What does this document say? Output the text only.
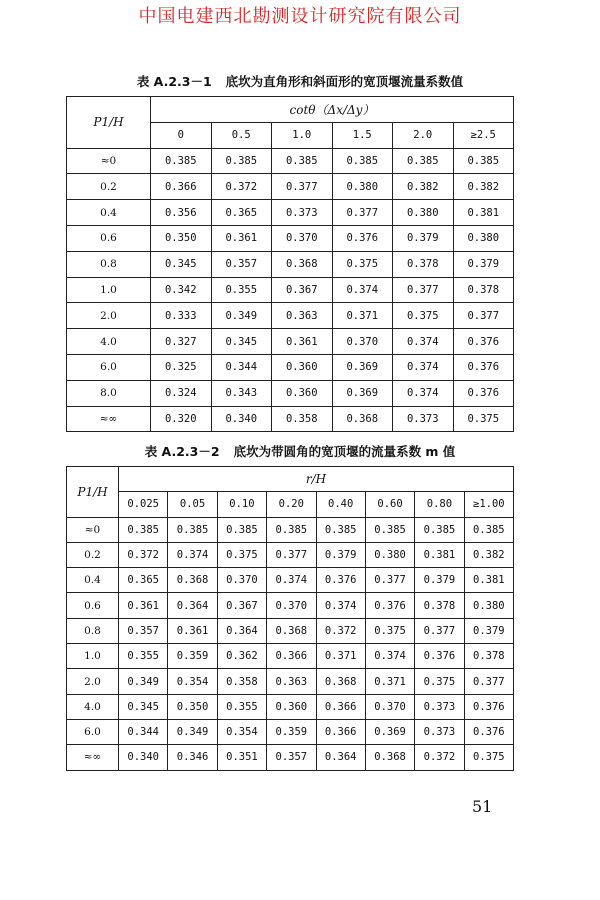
中国电建西北勘测设计研究院有限公司
表 A.2.3－1 底坎为直角形和斜面形的宽顶堰流量系数值
P1/H	cotθ（Δx/Δy）					
	0	0.5	1.0	1.5	2.0	≥2.5
≈0	0.385	0.385	0.385	0.385	0.385	0.385
0.2	0.366	0.372	0.377	0.380	0.382	0.382
0.4	0.356	0.365	0.373	0.377	0.380	0.381
0.6	0.350	0.361	0.370	0.376	0.379	0.380
0.8	0.345	0.357	0.368	0.375	0.378	0.379
1.0	0.342	0.355	0.367	0.374	0.377	0.378
2.0	0.333	0.349	0.363	0.371	0.375	0.377
4.0	0.327	0.345	0.361	0.370	0.374	0.376
6.0	0.325	0.344	0.360	0.369	0.374	0.376
8.0	0.324	0.343	0.360	0.369	0.374	0.376
≈∞	0.320	0.340	0.358	0.368	0.373	0.375
表 A.2.3－2 底坎为带圆角的宽顶堰的流量系数 m 值
P1/H	r/H							
	0.025	0.05	0.10	0.20	0.40	0.60	0.80	≥1.00
≈0	0.385	0.385	0.385	0.385	0.385	0.385	0.385	0.385
0.2	0.372	0.374	0.375	0.377	0.379	0.380	0.381	0.382
0.4	0.365	0.368	0.370	0.374	0.376	0.377	0.379	0.381
0.6	0.361	0.364	0.367	0.370	0.374	0.376	0.378	0.380
0.8	0.357	0.361	0.364	0.368	0.372	0.375	0.377	0.379
1.0	0.355	0.359	0.362	0.366	0.371	0.374	0.376	0.378
2.0	0.349	0.354	0.358	0.363	0.368	0.371	0.375	0.377
4.0	0.345	0.350	0.355	0.360	0.366	0.370	0.373	0.376
6.0	0.344	0.349	0.354	0.359	0.366	0.369	0.373	0.376
≈∞	0.340	0.346	0.351	0.357	0.364	0.368	0.372	0.375
51
